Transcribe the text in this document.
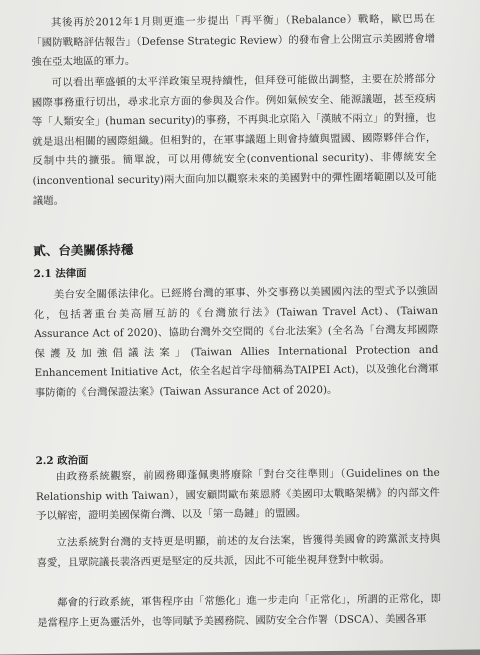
其後再於2012年1月則更進一步提出「再平衡」（Rebalance）戰略，歐巴馬在「國防戰略評估報告」（Defense Strategic Review）的發布會上公開宣示美國將會增強在亞太地區的軍力。

可以看出華盛頓的太平洋政策呈現持續性，但拜登可能做出調整，主要在於將部分國際事務重行切出，尋求北京方面的參與及合作。例如氣候安全、能源議題，甚至疫病等「人類安全」(human security)的事務，不再與北京陷入「漢賊不兩立」的對撞，也就是退出相關的國際組織。但相對的，在軍事議題上則會持續與盟國、國際夥伴合作，反制中共的擴張。簡單說，可以用傳統安全(conventional security)、非傳統安全(inconventional security)兩大面向加以觀察未來的美國對中的彈性圍堵範圍以及可能議題。

貳、台美關係持穩
2.1 法律面

美台安全關係法律化。已經將台灣的軍事、外交事務以美國國內法的型式予以強固化，包括著重台美高層互訪的《台灣旅行法》(Taiwan Travel Act)、(Taiwan Assurance Act of 2020)、協助台灣外交空間的《台北法案》(全名為「台灣友邦國際保護及加強倡議法案」(Taiwan Allies International Protection and Enhancement Initiative Act，依全名起首字母簡稱為TAIPEI Act)，以及強化台灣軍事防衛的《台灣保證法案》(Taiwan Assurance Act of 2020)。

2.2 政治面

由政務系統觀察，前國務卿蓬佩奧將廢除「對台交往準則」（Guidelines on the Relationship with Taiwan），國安顧問歐布萊恩將《美國印太戰略架構》的內部文件予以解密，證明美國保衛台灣、以及「第一島鏈」的盟國。

立法系統對台灣的支持更是明顯，前述的友台法案，皆獲得美國會的跨黨派支持與喜愛，且眾院議長裴洛西更是堅定的反共派，因此不可能坐視拜登對中軟弱。

鄰會的行政系統，軍售程序由「常態化」進一步走向「正常化」，所謂的正常化，即是當程序上更為靈活外，也等同賦予美國務院、國防安全合作署（DSCA）、美國各軍
